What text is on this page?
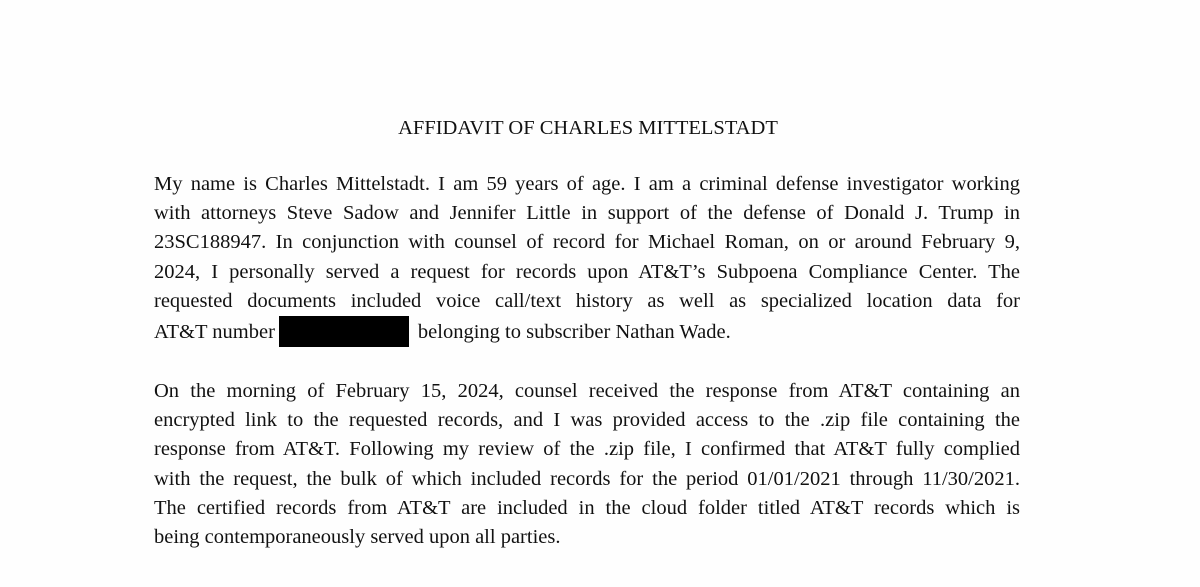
AFFIDAVIT OF CHARLES MITTELSTADT
My name is Charles Mittelstadt. I am 59 years of age. I am a criminal defense investigator working
with attorneys Steve Sadow and Jennifer Little in support of the defense of Donald J. Trump in
23SC188947. In conjunction with counsel of record for Michael Roman, on or around February 9,
2024, I personally served a request for records upon AT&T’s Subpoena Compliance Center. The
requested documents included voice call/text history as well as specialized location data for
AT&T number	belonging to subscriber Nathan Wade.
On the morning of February 15, 2024, counsel received the response from AT&T containing an
encrypted link to the requested records, and I was provided access to the .zip file containing the
response from AT&T. Following my review of the .zip file, I confirmed that AT&T fully complied
with the request, the bulk of which included records for the period 01/01/2021 through 11/30/2021.
The certified records from AT&T are included in the cloud folder titled AT&T records which is
being contemporaneously served upon all parties.
